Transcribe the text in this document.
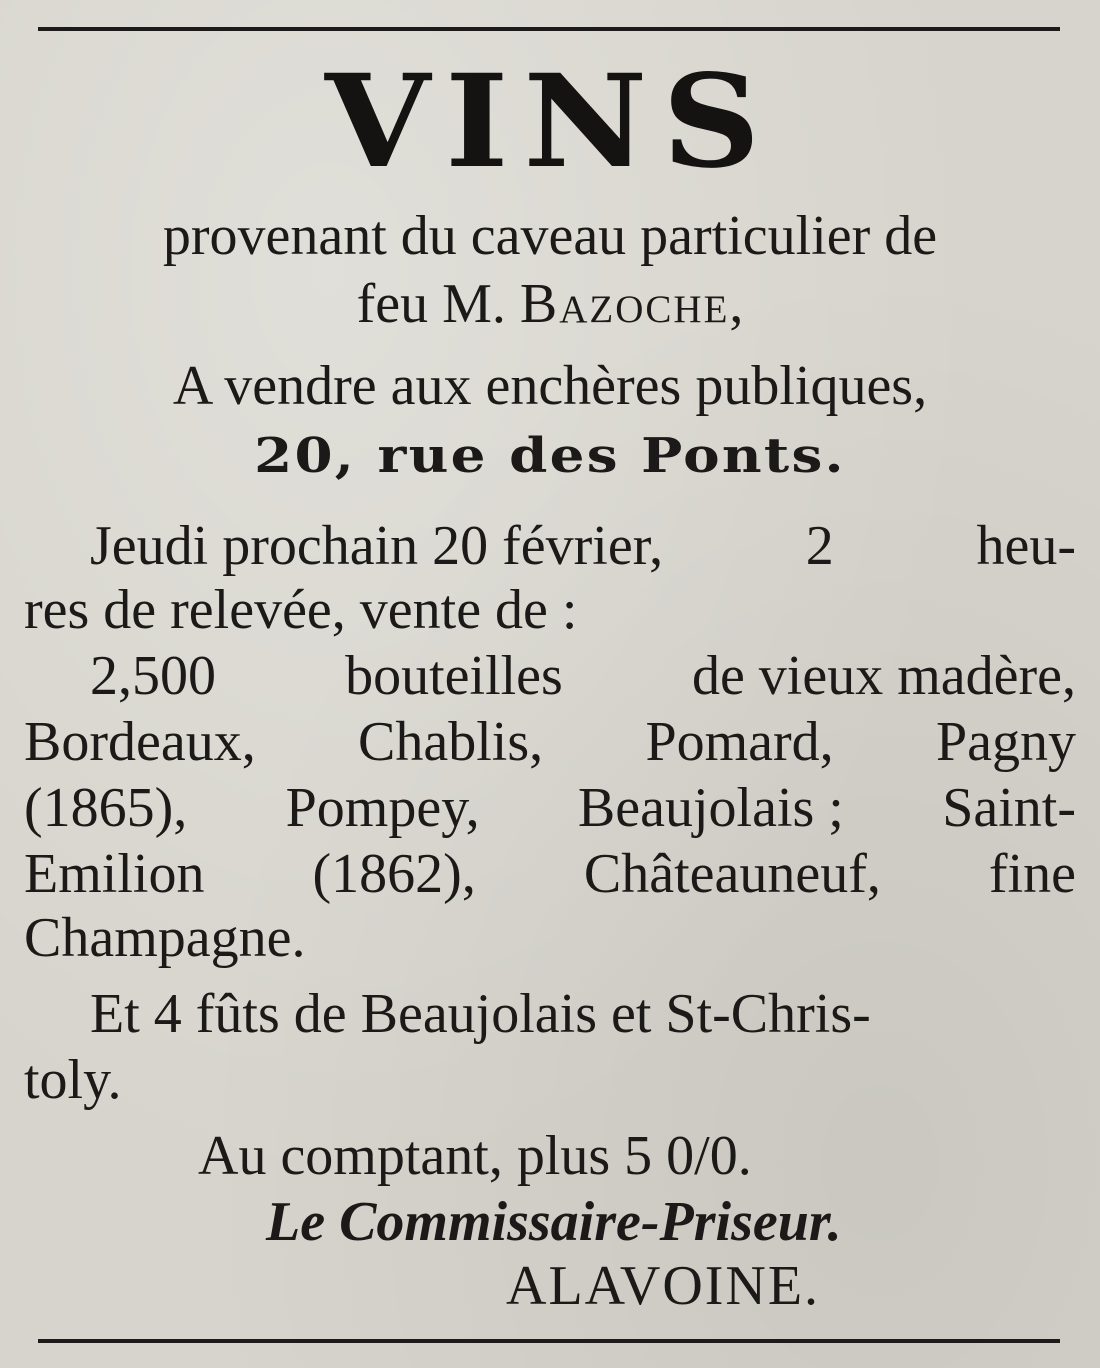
VINS
provenant du caveau particulier de
feu M. Bazoche,
A vendre aux enchères publiques,
20, rue des Ponts.
Jeudi prochain 20 février,	2	heu-
res de relevée, vente de :
2,500 bouteilles de vieux madère,
Bordeaux, Chablis, Pomard, Pagny
(1865), Pompey, Beaujolais ; Saint-
Emilion (1862), Châteauneuf, fine
Champagne.
Et 4 fûts de Beaujolais et St-Chris-
toly.
Au comptant, plus 5 0/0.
Le Commissaire-Priseur.
ALAVOINE.
